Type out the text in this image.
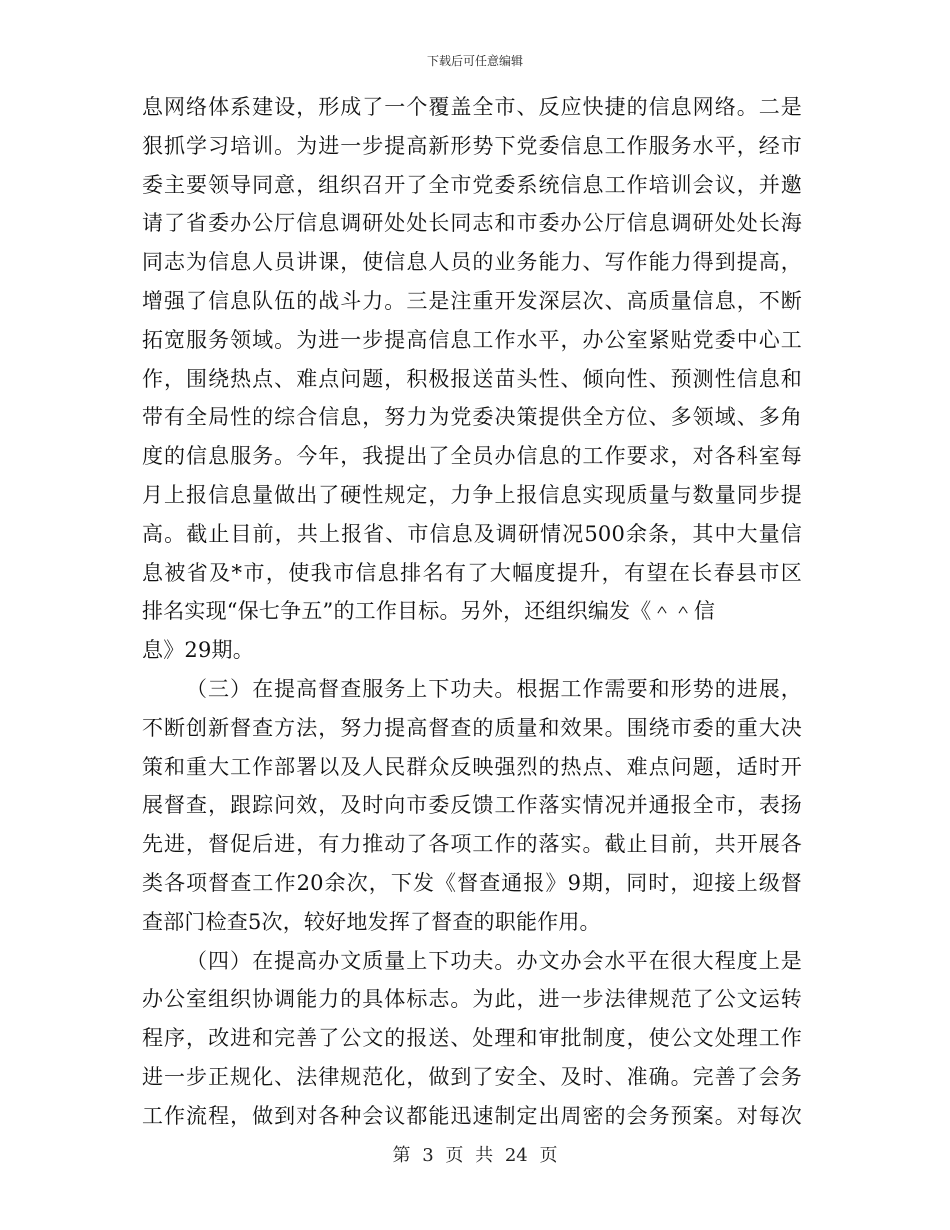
下载后可任意编辑
息网络体系建设，形成了一个覆盖全市、反应快捷的信息网络。二是
狠抓学习培训。为进一步提高新形势下党委信息工作服务水平，经市
委主要领导同意，组织召开了全市党委系统信息工作培训会议，并邀
请了省委办公厅信息调研处处长同志和市委办公厅信息调研处处长海
同志为信息人员讲课，使信息人员的业务能力、写作能力得到提高，
增强了信息队伍的战斗力。三是注重开发深层次、高质量信息，不断
拓宽服务领域。为进一步提高信息工作水平，办公室紧贴党委中心工
作，围绕热点、难点问题，积极报送苗头性、倾向性、预测性信息和
带有全局性的综合信息，努力为党委决策提供全方位、多领域、多角
度的信息服务。今年，我提出了全员办信息的工作要求，对各科室每
月上报信息量做出了硬性规定，力争上报信息实现质量与数量同步提
高。截止目前，共上报省、市信息及调研情况500余条，其中大量信
息被省及*市，使我市信息排名有了大幅度提升，有望在长春县市区
排名实现“保七争五”的工作目标。另外，还组织编发《＾＾信
息》29期。
（三）在提高督查服务上下功夫。根据工作需要和形势的进展，
不断创新督查方法，努力提高督查的质量和效果。围绕市委的重大决
策和重大工作部署以及人民群众反映强烈的热点、难点问题，适时开
展督查，跟踪问效，及时向市委反馈工作落实情况并通报全市，表扬
先进，督促后进，有力推动了各项工作的落实。截止目前，共开展各
类各项督查工作20余次，下发《督查通报》9期，同时，迎接上级督
查部门检查5次，较好地发挥了督查的职能作用。
（四）在提高办文质量上下功夫。办文办会水平在很大程度上是
办公室组织协调能力的具体标志。为此，进一步法律规范了公文运转
程序，改进和完善了公文的报送、处理和审批制度，使公文处理工作
进一步正规化、法律规范化，做到了安全、及时、准确。完善了会务
工作流程，做到对各种会议都能迅速制定出周密的会务预案。对每次
第 3 页 共 24 页
